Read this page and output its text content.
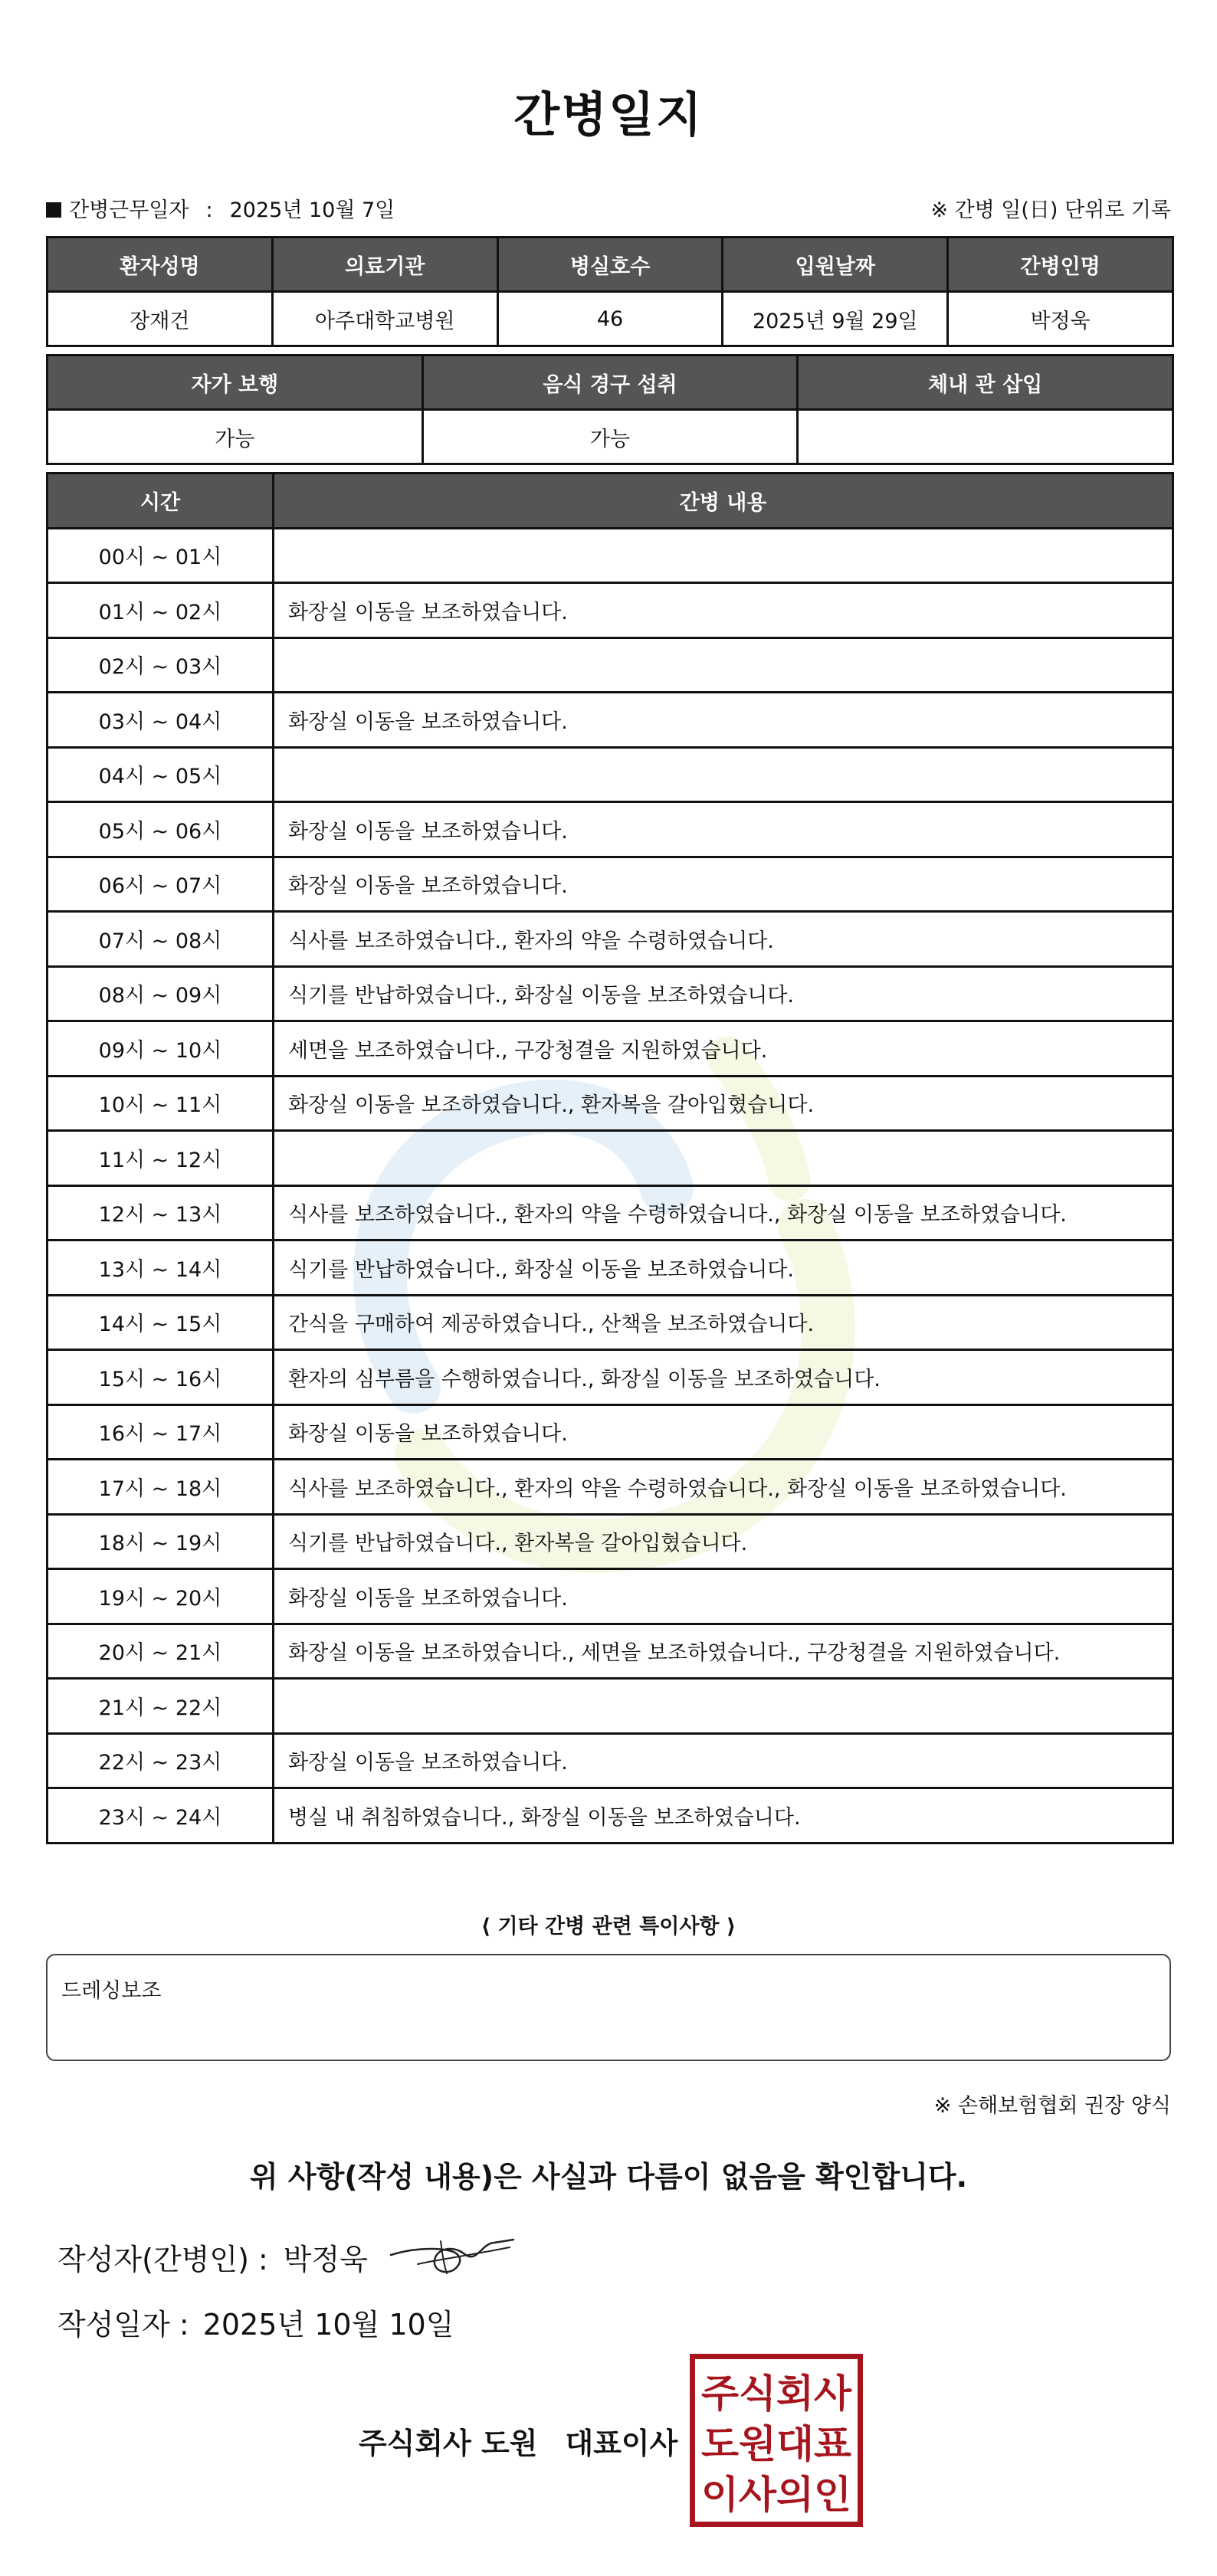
간병일지
간병근무일자 : 2025년 10월 7일	※ 간병 일(日) 단위로 기록
환자성명	의료기관	병실호수	입원날짜	간병인명
장재건	아주대학교병원	46	2025년 9월 29일	박정욱
자가 보행	음식 경구 섭취	체내 관 삽입
가능	가능	
시간	간병 내용
00시 ~ 01시	
01시 ~ 02시	화장실 이동을 보조하였습니다.
02시 ~ 03시	
03시 ~ 04시	화장실 이동을 보조하였습니다.
04시 ~ 05시	
05시 ~ 06시	화장실 이동을 보조하였습니다.
06시 ~ 07시	화장실 이동을 보조하였습니다.
07시 ~ 08시	식사를 보조하였습니다., 환자의 약을 수령하였습니다.
08시 ~ 09시	식기를 반납하였습니다., 화장실 이동을 보조하였습니다.
09시 ~ 10시	세면을 보조하였습니다., 구강청결을 지원하였습니다.
10시 ~ 11시	화장실 이동을 보조하였습니다., 환자복을 갈아입혔습니다.
11시 ~ 12시	
12시 ~ 13시	식사를 보조하였습니다., 환자의 약을 수령하였습니다., 화장실 이동을 보조하였습니다.
13시 ~ 14시	식기를 반납하였습니다., 화장실 이동을 보조하였습니다.
14시 ~ 15시	간식을 구매하여 제공하였습니다., 산책을 보조하였습니다.
15시 ~ 16시	환자의 심부름을 수행하였습니다., 화장실 이동을 보조하였습니다.
16시 ~ 17시	화장실 이동을 보조하였습니다.
17시 ~ 18시	식사를 보조하였습니다., 환자의 약을 수령하였습니다., 화장실 이동을 보조하였습니다.
18시 ~ 19시	식기를 반납하였습니다., 환자복을 갈아입혔습니다.
19시 ~ 20시	화장실 이동을 보조하였습니다.
20시 ~ 21시	화장실 이동을 보조하였습니다., 세면을 보조하였습니다., 구강청결을 지원하였습니다.
21시 ~ 22시	
22시 ~ 23시	화장실 이동을 보조하였습니다.
23시 ~ 24시	병실 내 취침하였습니다., 화장실 이동을 보조하였습니다.
⟨ 기타 간병 관련 특이사항 ⟩
드레싱보조
※ 손해보험협회 권장 양식
위 사항(작성 내용)은 사실과 다름이 없음을 확인합니다.
작성자(간병인) : 박정욱
작성일자 : 2025년 10월 10일
주식회사 도원 대표이사
주식회사
도원대표
이사의인
